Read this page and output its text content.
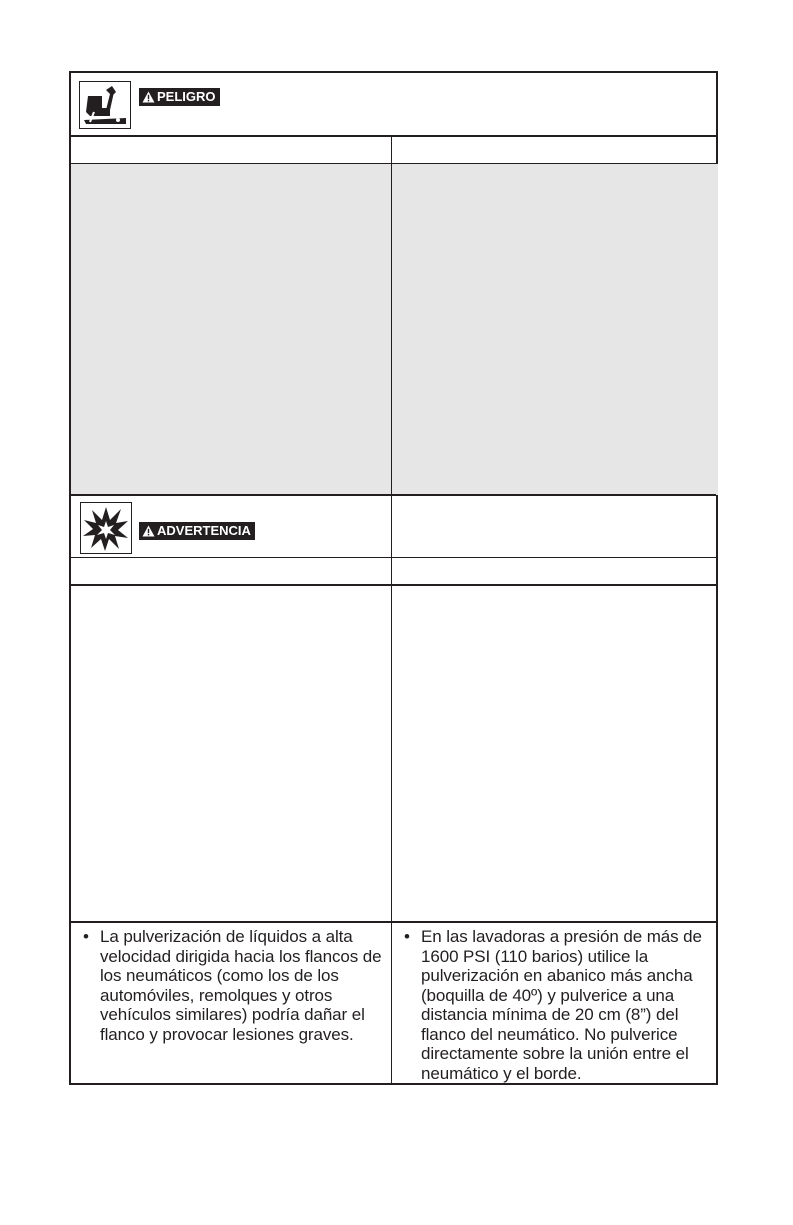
PELIGRO
ADVERTENCIA
• La pulverización de líquidos a alta velocidad dirigida hacia los flancos de los neumáticos (como los de los automóviles, remolques y otros vehículos similares) podría dañar el flanco y provocar lesiones graves.
• En las lavadoras a presión de más de 1600 PSI (110 barios) utilice la pulverización en abanico más ancha (boquilla de 40º) y pulverice a una distancia mínima de 20 cm (8”) del flanco del neumático. No pulverice directamente sobre la unión entre el neumático y el borde.
